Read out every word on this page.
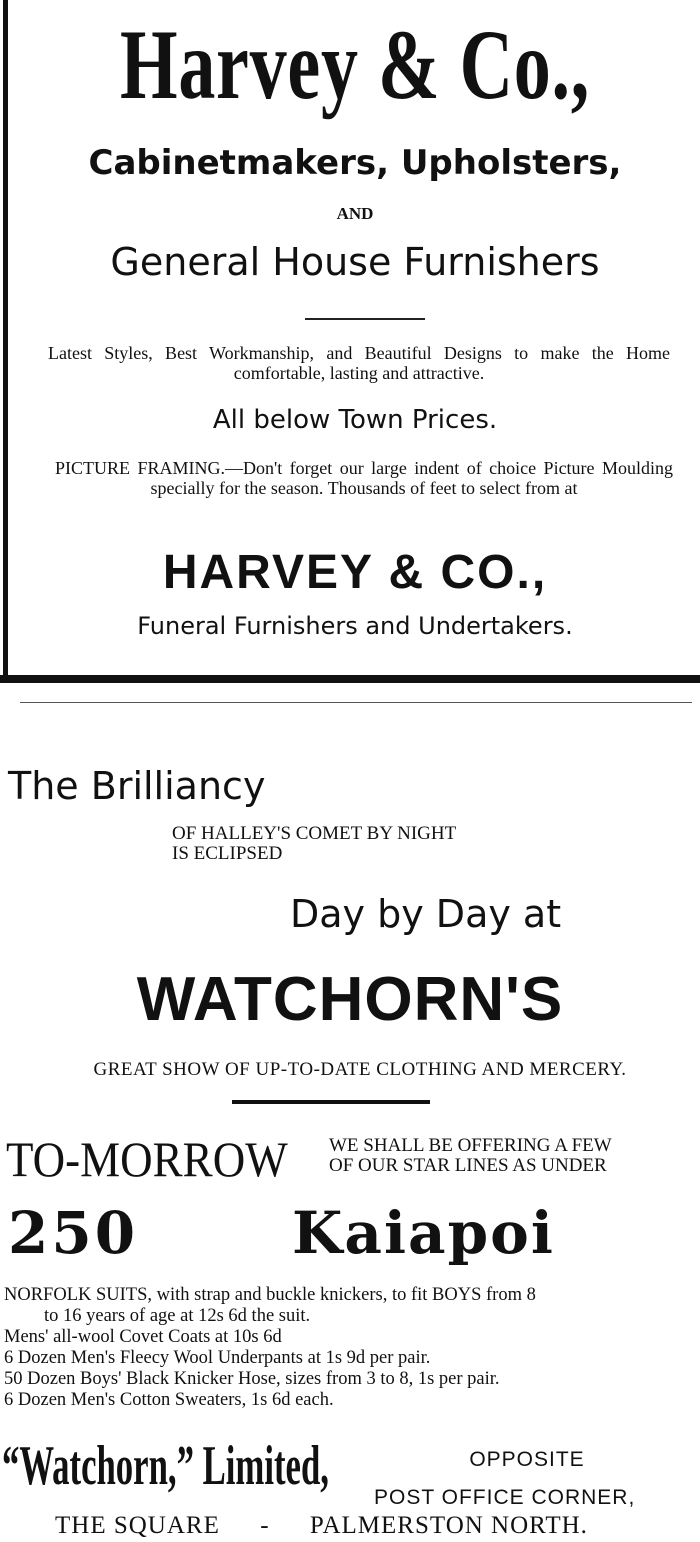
Harvey & Co.,
Cabinetmakers, Upholsters,
AND
General House Furnishers
Latest Styles, Best Workmanship, and Beautiful Designs to make the Home comfortable, lasting and attractive.
All below Town Prices.
PICTURE FRAMING.—Don't forget our large indent of choice Picture Moulding specially for the season. Thousands of feet to select from at
HARVEY & CO.,
Funeral Furnishers and Undertakers.
The Brilliancy
OF HALLEY'S COMET BY NIGHT
IS ECLIPSED
Day by Day at
WATCHORN'S
GREAT SHOW OF UP-TO-DATE CLOTHING AND MERCERY.
TO-MORROW WE SHALL BE OFFERING A FEW
OF OUR STAR LINES AS UNDER
250	Kaiapoi
NORFOLK SUITS, with strap and buckle knickers, to fit BOYS from 8
to 16 years of age at 12s 6d the suit.
Mens' all-wool Covet Coats at 10s 6d
6 Dozen Men's Fleecy Wool Underpants at 1s 9d per pair.
50 Dozen Boys' Black Knicker Hose, sizes from 3 to 8, 1s per pair.
6 Dozen Men's Cotton Sweaters, 1s 6d each.
“Watchorn,” Limited,	OPPOSITE
POST OFFICE CORNER,
THE SQUARE - PALMERSTON NORTH.
